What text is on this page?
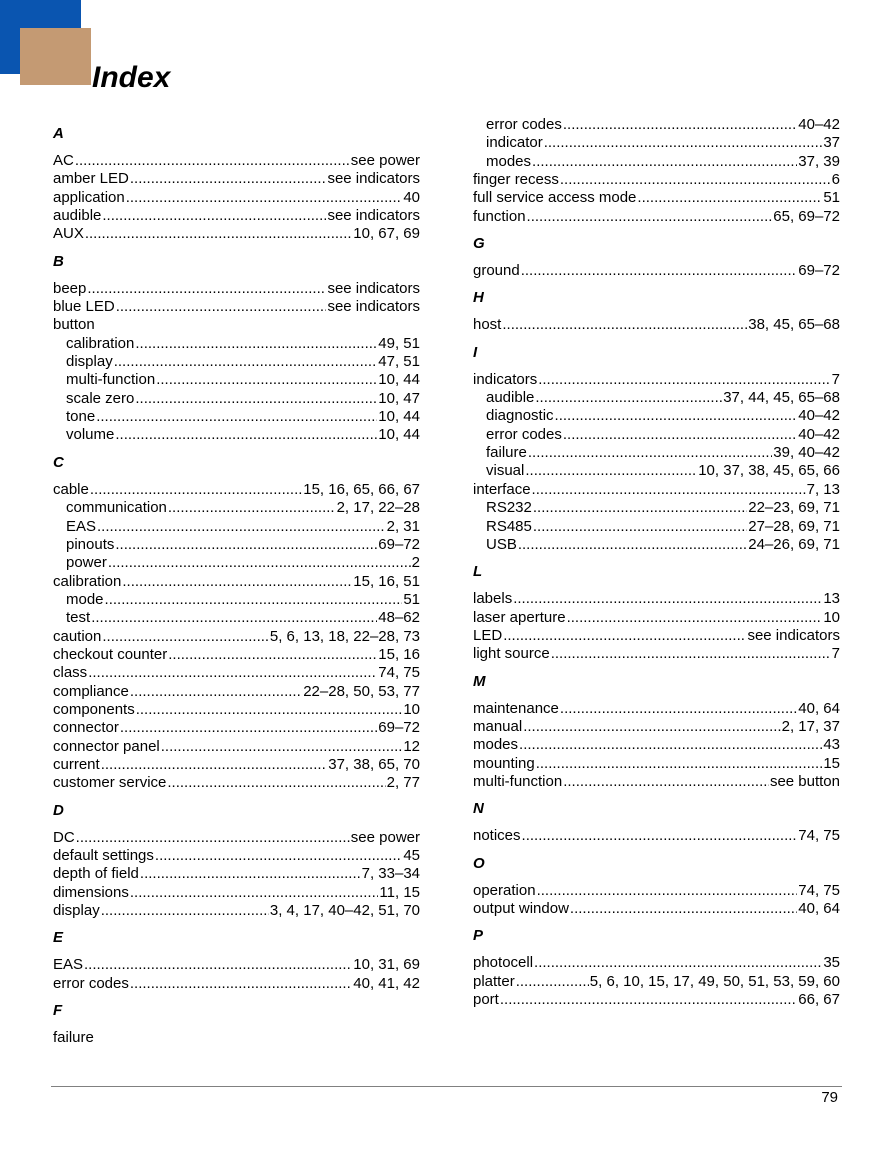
Index
A
AC .....	see power
amber LED .....	see indicators
application .....	40
audible .....	see indicators
AUX .....	10, 67, 69
B
beep .....	see indicators
blue LED .....	see indicators
button
calibration .....	49, 51
display .....	47, 51
multi-function .....	10, 44
scale zero .....	10, 47
tone .....	10, 44
volume .....	10, 44
C
cable .....	15, 16, 65, 66, 67
communication .....	2, 17, 22–28
EAS .....	2, 31
pinouts .....	69–72
power .....	2
calibration .....	15, 16, 51
mode .....	51
test .....	48–62
caution .....	5, 6, 13, 18, 22–28, 73
checkout counter .....	15, 16
class .....	74, 75
compliance .....	22–28, 50, 53, 77
components .....	10
connector .....	69–72
connector panel .....	12
current .....	37, 38, 65, 70
customer service .....	2, 77
D
DC .....	see power
default settings .....	45
depth of field .....	7, 33–34
dimensions .....	11, 15
display .....	3, 4, 17, 40–42, 51, 70
E
EAS .....	10, 31, 69
error codes .....	40, 41, 42
F
failure
error codes .....	40–42
indicator .....	37
modes .....	37, 39
finger recess .....	6
full service access mode .....	51
function .....	65, 69–72
G
ground .....	69–72
H
host .....	38, 45, 65–68
I
indicators .....	7
audible .....	37, 44, 45, 65–68
diagnostic .....	40–42
error codes .....	40–42
failure .....	39, 40–42
visual .....	10, 37, 38, 45, 65, 66
interface .....	7, 13
RS232 .....	22–23, 69, 71
RS485 .....	27–28, 69, 71
USB .....	24–26, 69, 71
L
labels .....	13
laser aperture .....	10
LED .....	see indicators
light source .....	7
M
maintenance .....	40, 64
manual .....	2, 17, 37
modes .....	43
mounting .....	15
multi-function .....	see button
N
notices .....	74, 75
O
operation .....	74, 75
output window .....	40, 64
P
photocell .....	35
platter .....	5, 6, 10, 15, 17, 49, 50, 51, 53, 59, 60
port .....	66, 67
79
